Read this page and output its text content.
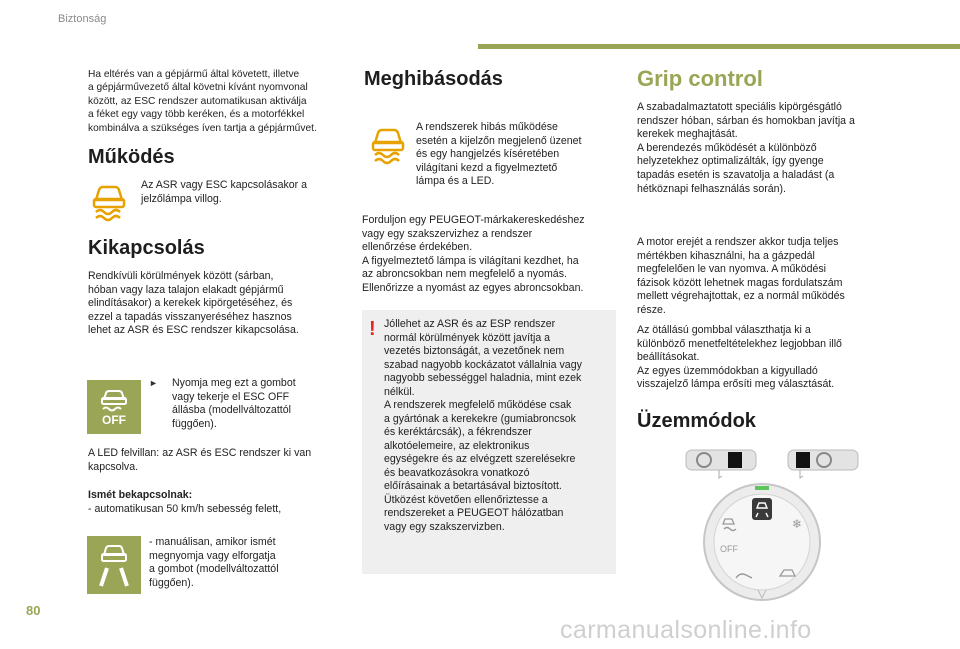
Biztonság

Ha eltérés van a gépjármű által követett, illetve
a gépjárművezető által követni kívánt nyomvonal
között, az ESC rendszer automatikusan aktiválja
a féket egy vagy több keréken, és a motorfékkel
kombinálva a szükséges íven tartja a gépjárművet.

Működés

Az ASR vagy ESC kapcsolásakor a
jelzőlámpa villog.

Kikapcsolás

Rendkívüli körülmények között (sárban,
hóban vagy laza talajon elakadt gépjármű
elindításakor) a kerekek kipörgetéséhez, és
ezzel a tapadás visszanyeréséhez hasznos
lehet az ASR és ESC rendszer kikapcsolása.

OFF
► Nyomja meg ezt a gombot
vagy tekerje el ESC OFF
állásba (modellváltozattól
függően).

A LED felvillan: az ASR és ESC rendszer ki van
kapcsolva.

Ismét bekapcsolnak:
- automatikusan 50 km/h sebesség felett,

- manuálisan, amikor ismét
megnyomja vagy elforgatja
a gombot (modellváltozattól
függően).

Meghibásodás

A rendszerek hibás működése
esetén a kijelzőn megjelenő üzenet
és egy hangjelzés kíséretében
világítani kezd a figyelmeztető
lámpa és a LED.

Forduljon egy PEUGEOT-márkakereskedéshez
vagy egy szakszervizhez a rendszer
ellenőrzése érdekében.
A figyelmeztető lámpa is világítani kezdhet, ha
az abroncsokban nem megfelelő a nyomás.
Ellenőrizze a nyomást az egyes abroncsokban.

! Jóllehet az ASR és az ESP rendszer
normál körülmények között javítja a
vezetés biztonságát, a vezetőnek nem
szabad nagyobb kockázatot vállalnia vagy
nagyobb sebességgel haladnia, mint ezek
nélkül.
A rendszerek megfelelő működése csak
a gyártónak a kerekekre (gumiabroncsok
és keréktárcsák), a fékrendszer
alkotóelemeire, az elektronikus
egységekre és az elvégzett szerelésekre
és beavatkozásokra vonatkozó
előírásainak a betartásával biztosított.
Ütközést követően ellenőriztesse a
rendszereket a PEUGEOT hálózatban
vagy egy szakszervizben.

Grip control

A szabadalmaztatott speciális kipörgésgátló
rendszer hóban, sárban és homokban javítja a
kerekek meghajtását.
A berendezés működését a különböző
helyzetekhez optimalizálták, így gyenge
tapadás esetén is szavatolja a haladást (a
hétköznapi felhasználás során).

A motor erejét a rendszer akkor tudja teljes
mértékben kihasználni, ha a gázpedál
megfelelően le van nyomva. A működési
fázisok között lehetnek magas fordulatszám
mellett végrehajtottak, ez a normál működés
része.

Az ötállású gombbal választhatja ki a
különböző menetfeltételekhez legjobban illő
beállításokat.
Az egyes üzemmódokban a kigyulladó
visszajelző lámpa erősíti meg választását.

Üzemmódok
OFF
❄
80
carmanualsonline.info
